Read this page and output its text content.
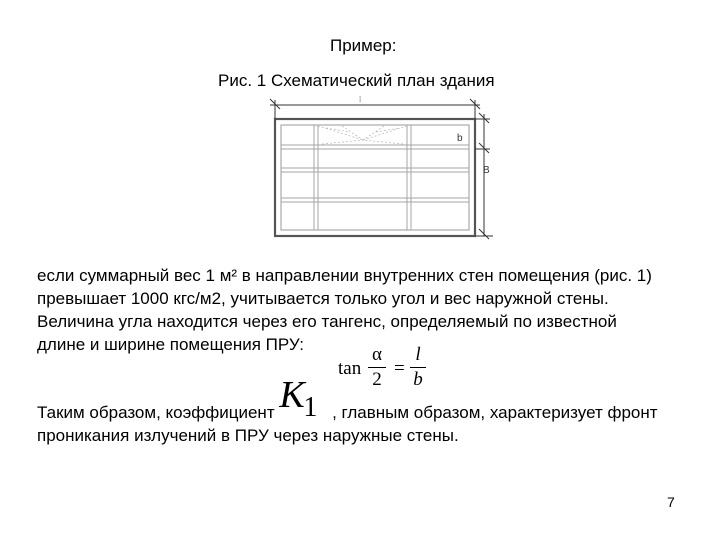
Пример:
Рис. 1 Схематический план здания
l
b
B
если суммарный вес 1 м² в направлении внутренних стен помещения (рис. 1)
превышает 1000 кгс/м2, учитывается только угол и вес наружной стены.
Величина угла находится через его тангенс, определяемый по известной
длине и ширине помещения ПРУ:
tan
α
2
=
l
b
Таким образом, коэффициент K
1 , главным образом, характеризует фронт
проникания излучений в ПРУ через наружные стены.
7
